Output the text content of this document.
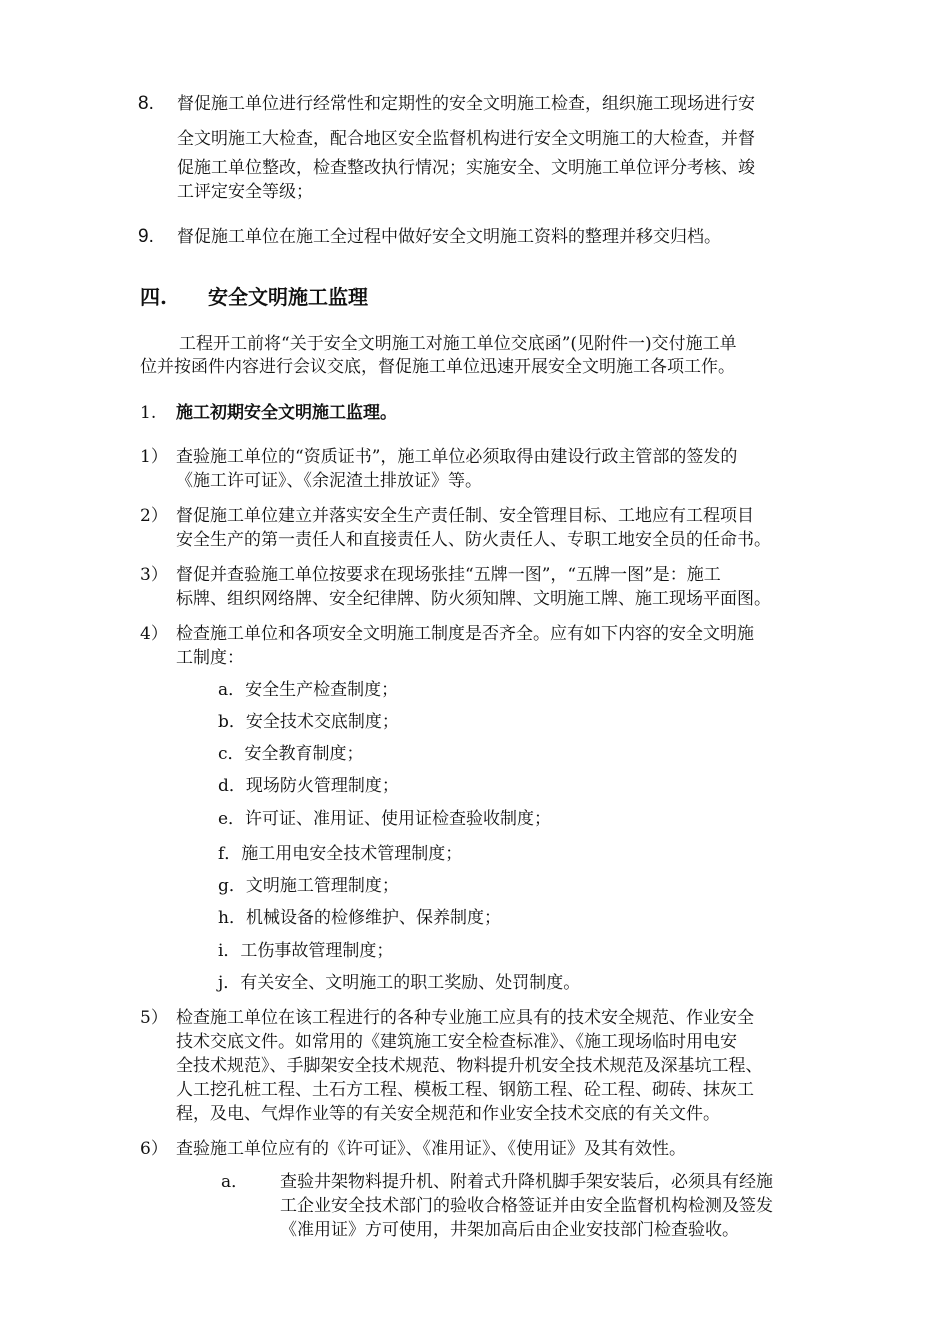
8. 督促施工单位进行经常性和定期性的安全文明施工检查，组织施工现场进行安
全文明施工大检查，配合地区安全监督机构进行安全文明施工的大检查，并督
促施工单位整改，检查整改执行情况；实施安全、文明施工单位评分考核、竣
工评定安全等级；
9. 督促施工单位在施工全过程中做好安全文明施工资料的整理并移交归档。
四. 安全文明施工监理
工程开工前将“关于安全文明施工对施工单位交底函”(见附件一)交付施工单
位并按函件内容进行会议交底，督促施工单位迅速开展安全文明施工各项工作。
1. 施工初期安全文明施工监理。
1） 查验施工单位的“资质证书”，施工单位必须取得由建设行政主管部的签发的
《施工许可证》、《余泥渣土排放证》等。
2） 督促施工单位建立并落实安全生产责任制、安全管理目标、工地应有工程项目
安全生产的第一责任人和直接责任人、防火责任人、专职工地安全员的任命书。
3） 督促并查验施工单位按要求在现场张挂“五牌一图”，“五牌一图”是：施工
标牌、组织网络牌、安全纪律牌、防火须知牌、文明施工牌、施工现场平面图。
4） 检查施工单位和各项安全文明施工制度是否齐全。应有如下内容的安全文明施
工制度：
a．安全生产检查制度；
b．安全技术交底制度；
c．安全教育制度；
d．现场防火管理制度；
e．许可证、准用证、使用证检查验收制度；
f．施工用电安全技术管理制度；
g．文明施工管理制度；
h．机械设备的检修维护、保养制度；
i．工伤事故管理制度；
j．有关安全、文明施工的职工奖励、处罚制度。
5） 检查施工单位在该工程进行的各种专业施工应具有的技术安全规范、作业安全
技术交底文件。如常用的《建筑施工安全检查标准》、《施工现场临时用电安
全技术规范》、手脚架安全技术规范、物料提升机安全技术规范及深基坑工程、
人工挖孔桩工程、土石方工程、模板工程、钢筋工程、砼工程、砌砖、抹灰工
程，及电、气焊作业等的有关安全规范和作业安全技术交底的有关文件。
6） 查验施工单位应有的《许可证》、《准用证》、《使用证》及其有效性。
a． 查验井架物料提升机、附着式升降机脚手架安装后，必须具有经施
工企业安全技术部门的验收合格签证并由安全监督机构检测及签发
《准用证》方可使用，井架加高后由企业安技部门检查验收。
